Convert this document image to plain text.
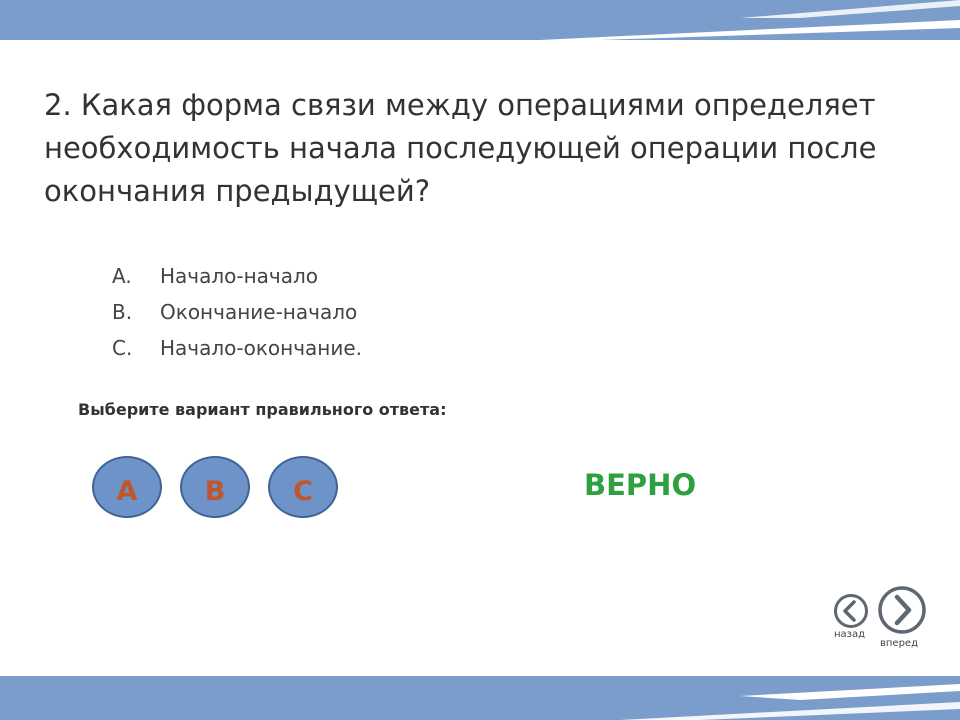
2. Какая форма связи между операциями определяет необходимость начала последующей операции после окончания предыдущей?
A. Начало-начало
B. Окончание-начало
C. Начало-окончание.
Выберите вариант правильного ответа:
A	B	C	ВЕРНО
назад
вперед
